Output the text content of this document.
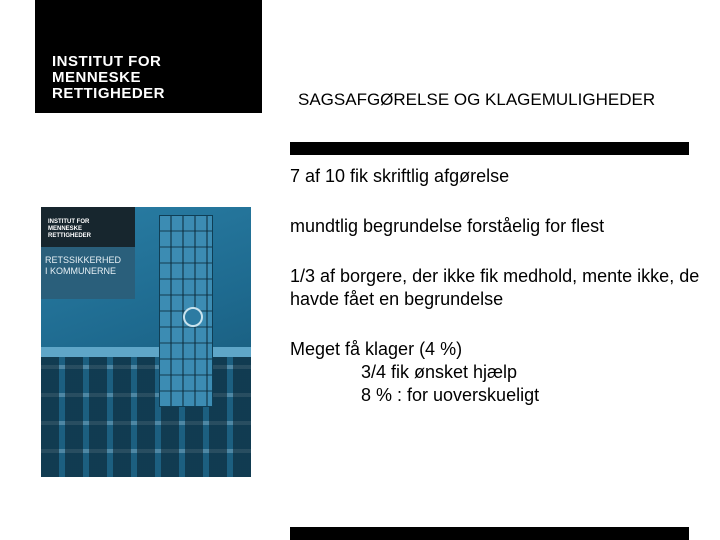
INSTITUT FOR
MENNESKE
RETTIGHEDER	SAGSAFGØRELSE OG KLAGEMULIGHEDER

7 af 10 fik skriftlig afgørelse

mundtlig begrundelse forståelig for flest

1/3 af borgere, der ikke fik medhold, mente ikke, de havde fået en begrundelse

Meget få klager (4 %)
3/4 fik ønsket hjælp
8 % : for uoverskueligt

INSTITUT FOR
MENNESKE
RETTIGHEDER
RETSSIKKERHED
I KOMMUNERNE
